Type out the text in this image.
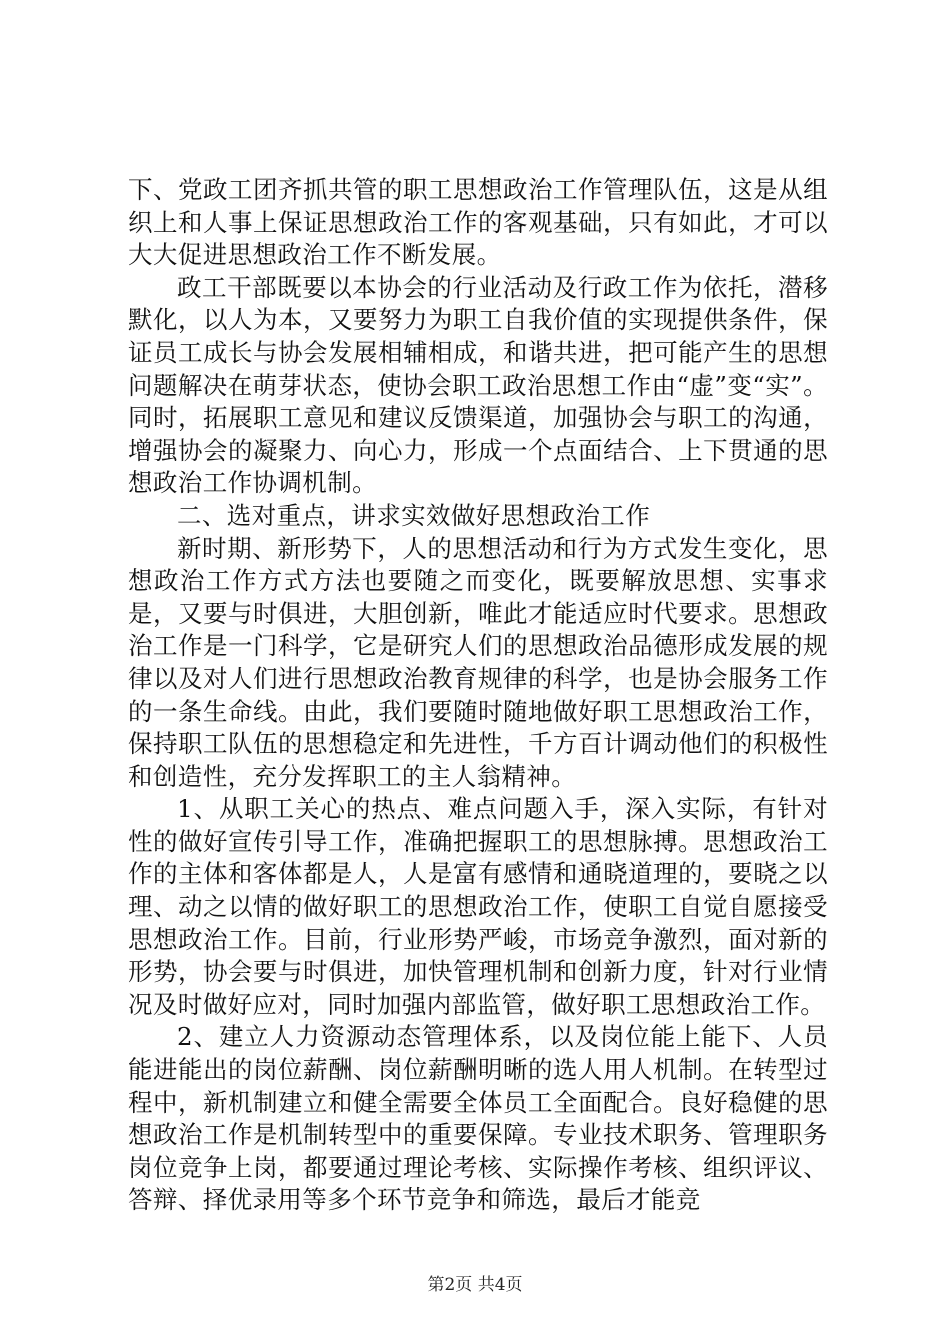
下、党政工团齐抓共管的职工思想政治工作管理队伍，这是从组织上和人事上保证思想政治工作的客观基础，只有如此，才可以大大促进思想政治工作不断发展。

政工干部既要以本协会的行业活动及行政工作为依托，潜移默化，以人为本，又要努力为职工自我价值的实现提供条件，保证员工成长与协会发展相辅相成，和谐共进，把可能产生的思想问题解决在萌芽状态，使协会职工政治思想工作由“虚”变“实”。同时，拓展职工意见和建议反馈渠道，加强协会与职工的沟通，增强协会的凝聚力、向心力，形成一个点面结合、上下贯通的思想政治工作协调机制。

二、选对重点，讲求实效做好思想政治工作

新时期、新形势下，人的思想活动和行为方式发生变化，思想政治工作方式方法也要随之而变化，既要解放思想、实事求是，又要与时俱进，大胆创新，唯此才能适应时代要求。思想政治工作是一门科学，它是研究人们的思想政治品德形成发展的规律以及对人们进行思想政治教育规律的科学，也是协会服务工作的一条生命线。由此，我们要随时随地做好职工思想政治工作，保持职工队伍的思想稳定和先进性，千方百计调动他们的积极性和创造性，充分发挥职工的主人翁精神。

1、从职工关心的热点、难点问题入手，深入实际，有针对性的做好宣传引导工作，准确把握职工的思想脉搏。思想政治工作的主体和客体都是人，人是富有感情和通晓道理的，要晓之以理、动之以情的做好职工的思想政治工作，使职工自觉自愿接受思想政治工作。目前，行业形势严峻，市场竞争激烈，面对新的形势，协会要与时俱进，加快管理机制和创新力度，针对行业情况及时做好应对，同时加强内部监管，做好职工思想政治工作。

2、建立人力资源动态管理体系，以及岗位能上能下、人员能进能出的岗位薪酬、岗位薪酬明晰的选人用人机制。在转型过程中，新机制建立和健全需要全体员工全面配合。良好稳健的思想政治工作是机制转型中的重要保障。专业技术职务、管理职务岗位竞争上岗，都要通过理论考核、实际操作考核、组织评议、答辩、择优录用等多个环节竞争和筛选，最后才能竞

第2页 共4页
